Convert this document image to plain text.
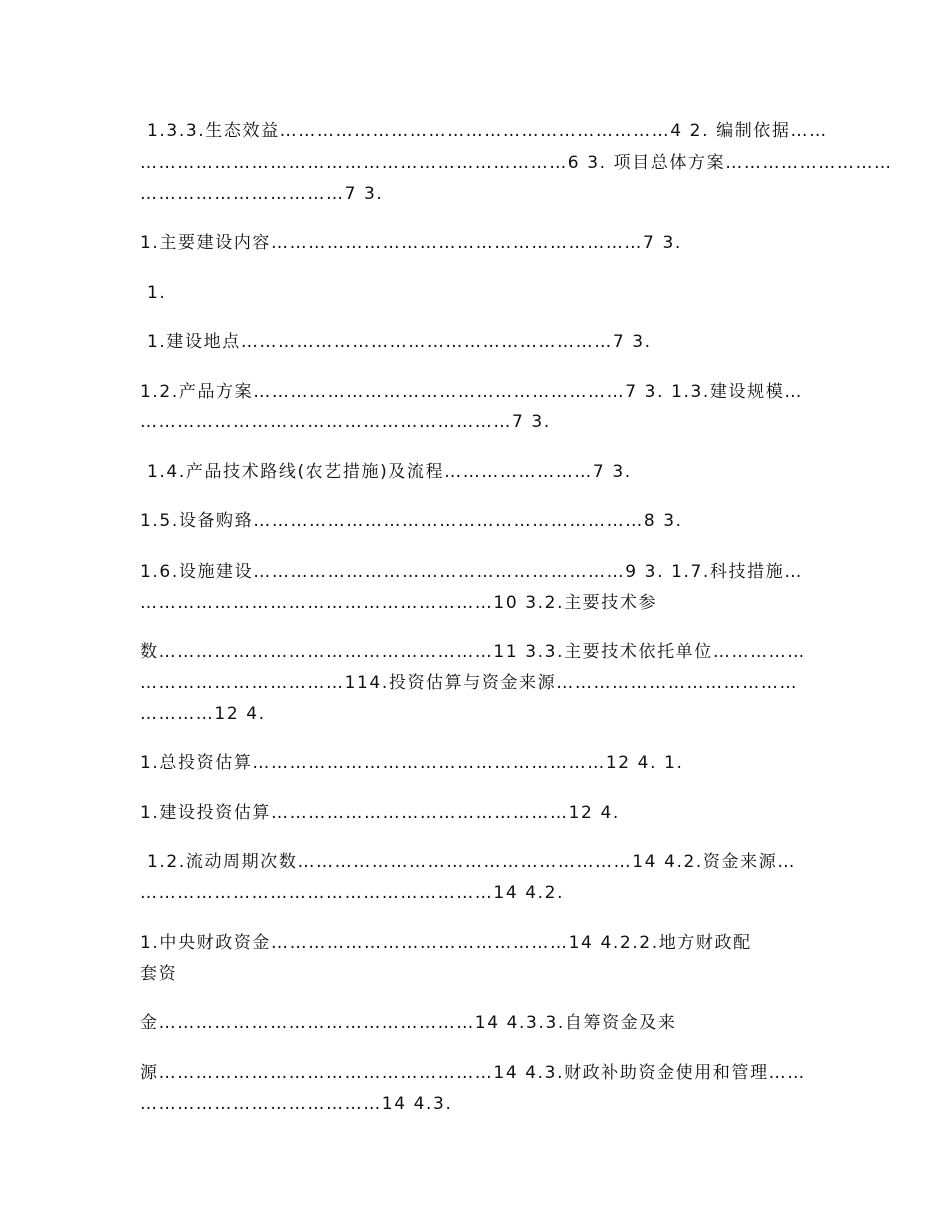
1.3.3.生态效益………………………………………………………4 2. 编制依据……
……………………………………………………………6 3. 项目总体方案………………………
……………………………7 3.
1.主要建设内容……………………………………………………7 3.
1.
1.建设地点……………………………………………………7 3.
1.2.产品方案……………………………………………………7 3. 1.3.建设规模…
……………………………………………………7 3.
1.4.产品技术路线(农艺措施)及流程……………………7 3.
1.5.设备购臵………………………………………………………8 3.
1.6.设施建设……………………………………………………9 3. 1.7.科技措施…
…………………………………………………10 3.2.主要技术参
数………………………………………………11 3.3.主要技术依托单位……………
……………………………114.投资估算与资金来源…………………………………
…………12 4.
1.总投资估算…………………………………………………12 4. 1.
1.建设投资估算…………………………………………12 4.
1.2.流动周期次数………………………………………………14 4.2.资金来源…
…………………………………………………14 4.2.
1.中央财政资金…………………………………………14 4.2.2.地方财政配
套资
金……………………………………………14 4.3.3.自筹资金及来
源………………………………………………14 4.3.财政补助资金使用和管理……
…………………………………14 4.3.
